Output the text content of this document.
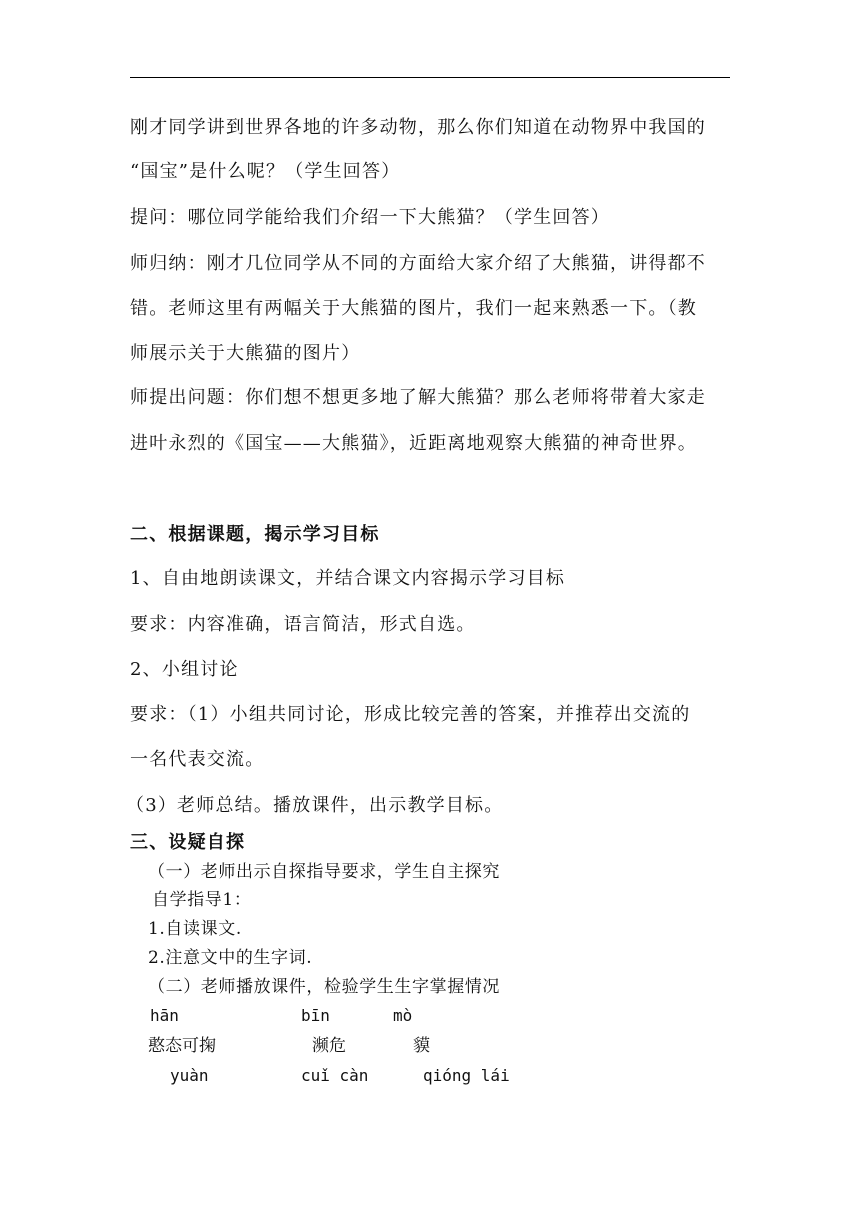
刚才同学讲到世界各地的许多动物，那么你们知道在动物界中我国的
“国宝”是什么呢？（学生回答）
提问：哪位同学能给我们介绍一下大熊猫？（学生回答）
师归纳：刚才几位同学从不同的方面给大家介绍了大熊猫，讲得都不
错。老师这里有两幅关于大熊猫的图片，我们一起来熟悉一下。（教
师展示关于大熊猫的图片）
师提出问题：你们想不想更多地了解大熊猫？那么老师将带着大家走
进叶永烈的《国宝——大熊猫》，近距离地观察大熊猫的神奇世界。
二、根据课题，揭示学习目标
1、自由地朗读课文，并结合课文内容揭示学习目标
要求：内容准确，语言简洁，形式自选。
2、小组讨论
要求：（1）小组共同讨论，形成比较完善的答案，并推荐出交流的
一名代表交流。
（3）老师总结。播放课件，出示教学目标。
三、设疑自探
（一）老师出示自探指导要求，学生自主探究
自学指导1：
1.自读课文.
2.注意文中的生字词.
（二）老师播放课件，检验学生生字掌握情况
hān	bīn	mò
憨态可掬	濒危	貘
yuàn	cuǐ càn	qióng lái
